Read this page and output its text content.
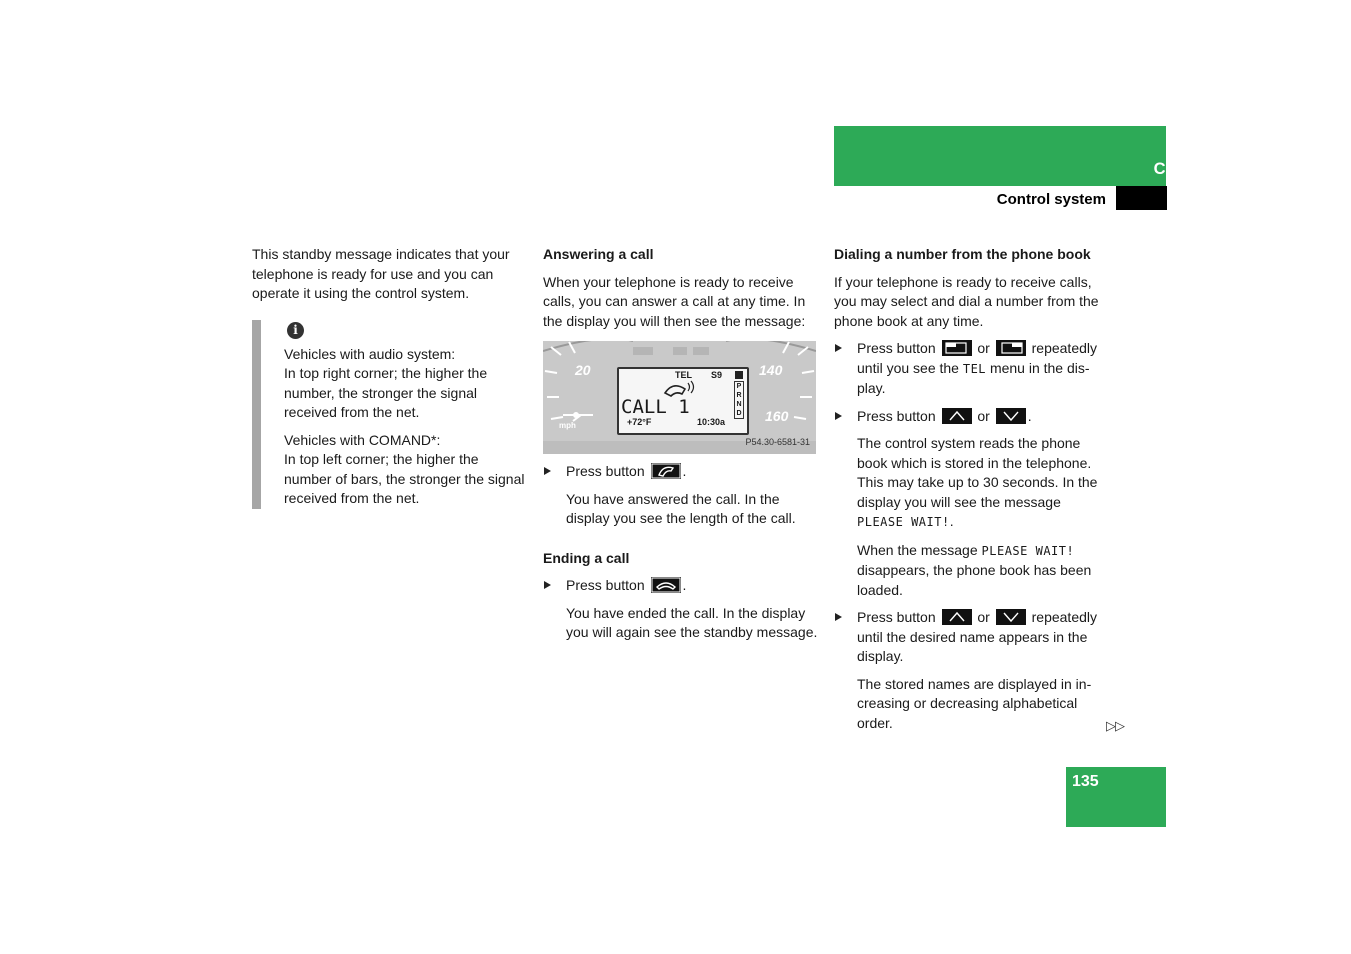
Controls in detail
Control system

This standby message indicates that your telephone is ready for use and you can operate it using the control system.

i

Vehicles with audio system:
In top right corner; the higher the number, the stronger the signal received from the net.

Vehicles with COMAND*:
In top left corner; the higher the number of bars, the stronger the signal received from the net.

Answering a call

When your telephone is ready to receive calls, you can answer a call at any time. In the display you will then see the message:

20	140
160
mph
TEL S9
CALL 1
+72°F	10:30a
PRND
P54.30-6581-31
Press button	.

You have answered the call. In the display you see the length of the call.

Ending a call
Press button	.

You have ended the call. In the display you will again see the standby message.

Dialing a number from the phone book

If your telephone is ready to receive calls, you may select and dial a number from the phone book at any time.

Press button	or	repeatedly until you see the TEL menu in the dis-play.
Press button	or	.

The control system reads the phone book which is stored in the telephone. This may take up to 30 seconds. In the display you will see the message PLEASE WAIT!.

When the message PLEASE WAIT! disappears, the phone book has been loaded.

Press button	or	repeatedly until the desired name appears in the display.

The stored names are displayed in in-creasing or decreasing alphabetical order.	▷▷
135
